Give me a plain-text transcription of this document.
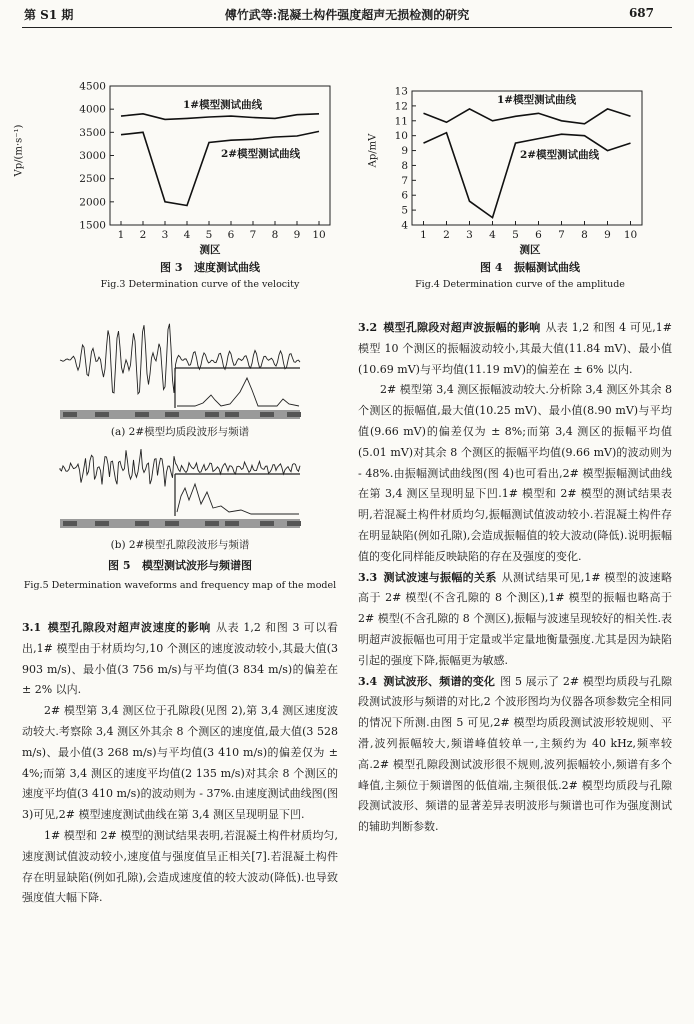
第 S1 期	傅竹武等:混凝土构件强度超声无损检测的研究	687
1500
2000
2500
3000
3500
4000
4500
1 2 3 4 5 6 7 8 9 10
Vp/(m·s⁻¹)
1#模型测试曲线
2#模型测试曲线
测区
图 3 速度测试曲线
Fig.3 Determination curve of the velocity
4
5
6
7
8
9
10
11
12
13
1 2 3 4 5 6 7 8 9 10
Ap/mV
1#模型测试曲线
2#模型测试曲线
测区
图 4 振幅测试曲线
Fig.4 Determination curve of the amplitude
(a) 2#模型均质段波形与频谱
(b) 2#模型孔隙段波形与频谱
图 5 模型测试波形与频谱图
Fig.5 Determination waveforms and frequency map of the model

3.1 模型孔隙段对超声波速度的影响 从表 1,2 和图 3 可以看出,1# 模型由于材质均匀,10 个测区的速度波动较小,其最大值(3 903 m/s)、最小值(3 756 m/s)与平均值(3 834 m/s)的偏差在 ± 2% 以内.

2# 模型第 3,4 测区位于孔隙段(见图 2),第 3,4 测区速度波动较大.考察除 3,4 测区外其余 8 个测区的速度值,最大值(3 528 m/s)、最小值(3 268 m/s)与平均值(3 410 m/s)的偏差仅为 ± 4%;而第 3,4 测区的速度平均值(2 135 m/s)对其余 8 个测区的速度平均值(3 410 m/s)的波动则为 - 37%.由速度测试曲线图(图 3)可见,2# 模型速度测试曲线在第 3,4 测区呈现明显下凹.

1# 模型和 2# 模型的测试结果表明,若混凝土构件材质均匀,速度测试值波动较小,速度值与强度值呈正相关[7].若混凝土构件存在明显缺陷(例如孔隙),会造成速度值的较大波动(降低).也导致强度值大幅下降.

3.2 模型孔隙段对超声波振幅的影响 从表 1,2 和图 4 可见,1# 模型 10 个测区的振幅波动较小,其最大值(11.84 mV)、最小值(10.69 mV)与平均值(11.19 mV)的偏差在 ± 6% 以内.

2# 模型第 3,4 测区振幅波动较大.分析除 3,4 测区外其余 8 个测区的振幅值,最大值(10.25 mV)、最小值(8.90 mV)与平均值(9.66 mV)的偏差仅为 ± 8%;而第 3,4 测区的振幅平均值(5.01 mV)对其余 8 个测区的振幅平均值(9.66 mV)的波动则为 - 48%.由振幅测试曲线图(图 4)也可看出,2# 模型振幅测试曲线在第 3,4 测区呈现明显下凹.1# 模型和 2# 模型的测试结果表明,若混凝土构件材质均匀,振幅测试值波动较小.若混凝土构件存在明显缺陷(例如孔隙),会造成振幅值的较大波动(降低).说明振幅值的变化同样能反映缺陷的存在及强度的变化.

3.3 测试波速与振幅的关系 从测试结果可见,1# 模型的波速略高于 2# 模型(不含孔隙的 8 个测区),1# 模型的振幅也略高于 2# 模型(不含孔隙的 8 个测区),振幅与波速呈现较好的相关性.表明超声波振幅也可用于定量或半定量地衡量强度.尤其是因为缺陷引起的强度下降,振幅更为敏感.

3.4 测试波形、频谱的变化 图 5 展示了 2# 模型均质段与孔隙段测试波形与频谱的对比,2 个波形图均为仪器各项参数完全相同的情况下所测.由图 5 可见,2# 模型均质段测试波形较规则、平滑,波列振幅较大,频谱峰值较单一,主频约为 40 kHz,频率较高.2# 模型孔隙段测试波形很不规则,波列振幅较小,频谱有多个峰值,主频位于频谱图的低值端,主频很低.2# 模型均质段与孔隙段测试波形、频谱的显著差异表明波形与频谱也可作为强度测试的辅助判断参数.
